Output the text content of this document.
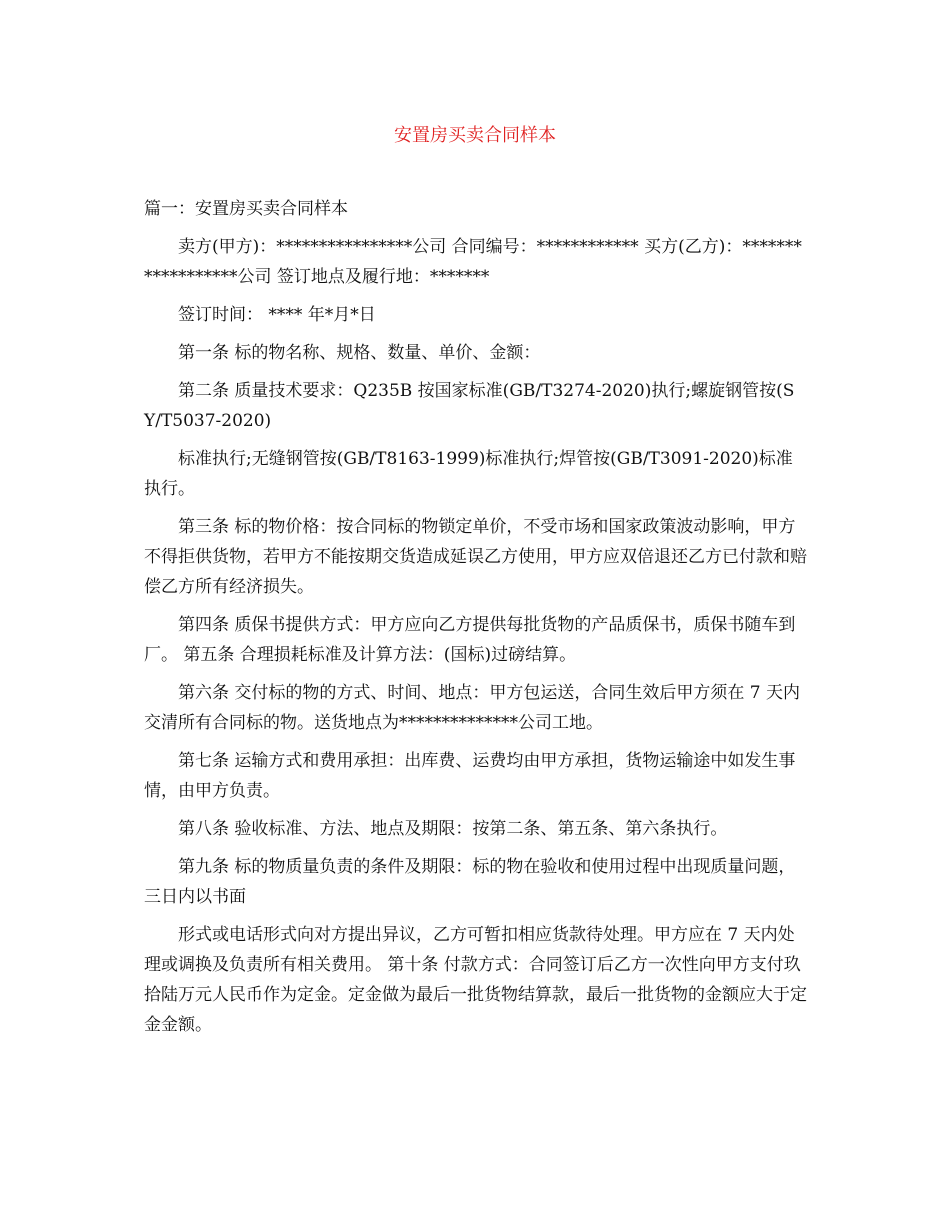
安置房买卖合同样本

篇一：安置房买卖合同样本

卖方(甲方)：****************公司 合同编号：************ 买方(乙方)：******************公司 签订地点及履行地：*******

签订时间： **** 年*月*日

第一条 标的物名称、规格、数量、单价、金额：

第二条 质量技术要求：Q235B 按国家标准(GB/T3274-2020)执行;螺旋钢管按(SY/T5037-2020)

标准执行;无缝钢管按(GB/T8163-1999)标准执行;焊管按(GB/T3091-2020)标准执行。

第三条 标的物价格：按合同标的物锁定单价，不受市场和国家政策波动影响，甲方不得拒供货物，若甲方不能按期交货造成延误乙方使用，甲方应双倍退还乙方已付款和赔偿乙方所有经济损失。

第四条 质保书提供方式：甲方应向乙方提供每批货物的产品质保书，质保书随车到厂。 第五条 合理损耗标准及计算方法：(国标)过磅结算。

第六条 交付标的物的方式、时间、地点：甲方包运送，合同生效后甲方须在 7 天内交清所有合同标的物。送货地点为**************公司工地。

第七条 运输方式和费用承担：出库费、运费均由甲方承担，货物运输途中如发生事情，由甲方负责。

第八条 验收标准、方法、地点及期限：按第二条、第五条、第六条执行。

第九条 标的物质量负责的条件及期限：标的物在验收和使用过程中出现质量问题，三日内以书面

形式或电话形式向对方提出异议，乙方可暂扣相应货款待处理。甲方应在 7 天内处理或调换及负责所有相关费用。 第十条 付款方式：合同签订后乙方一次性向甲方支付玖拾陆万元人民币作为定金。定金做为最后一批货物结算款，最后一批货物的金额应大于定金金额。
